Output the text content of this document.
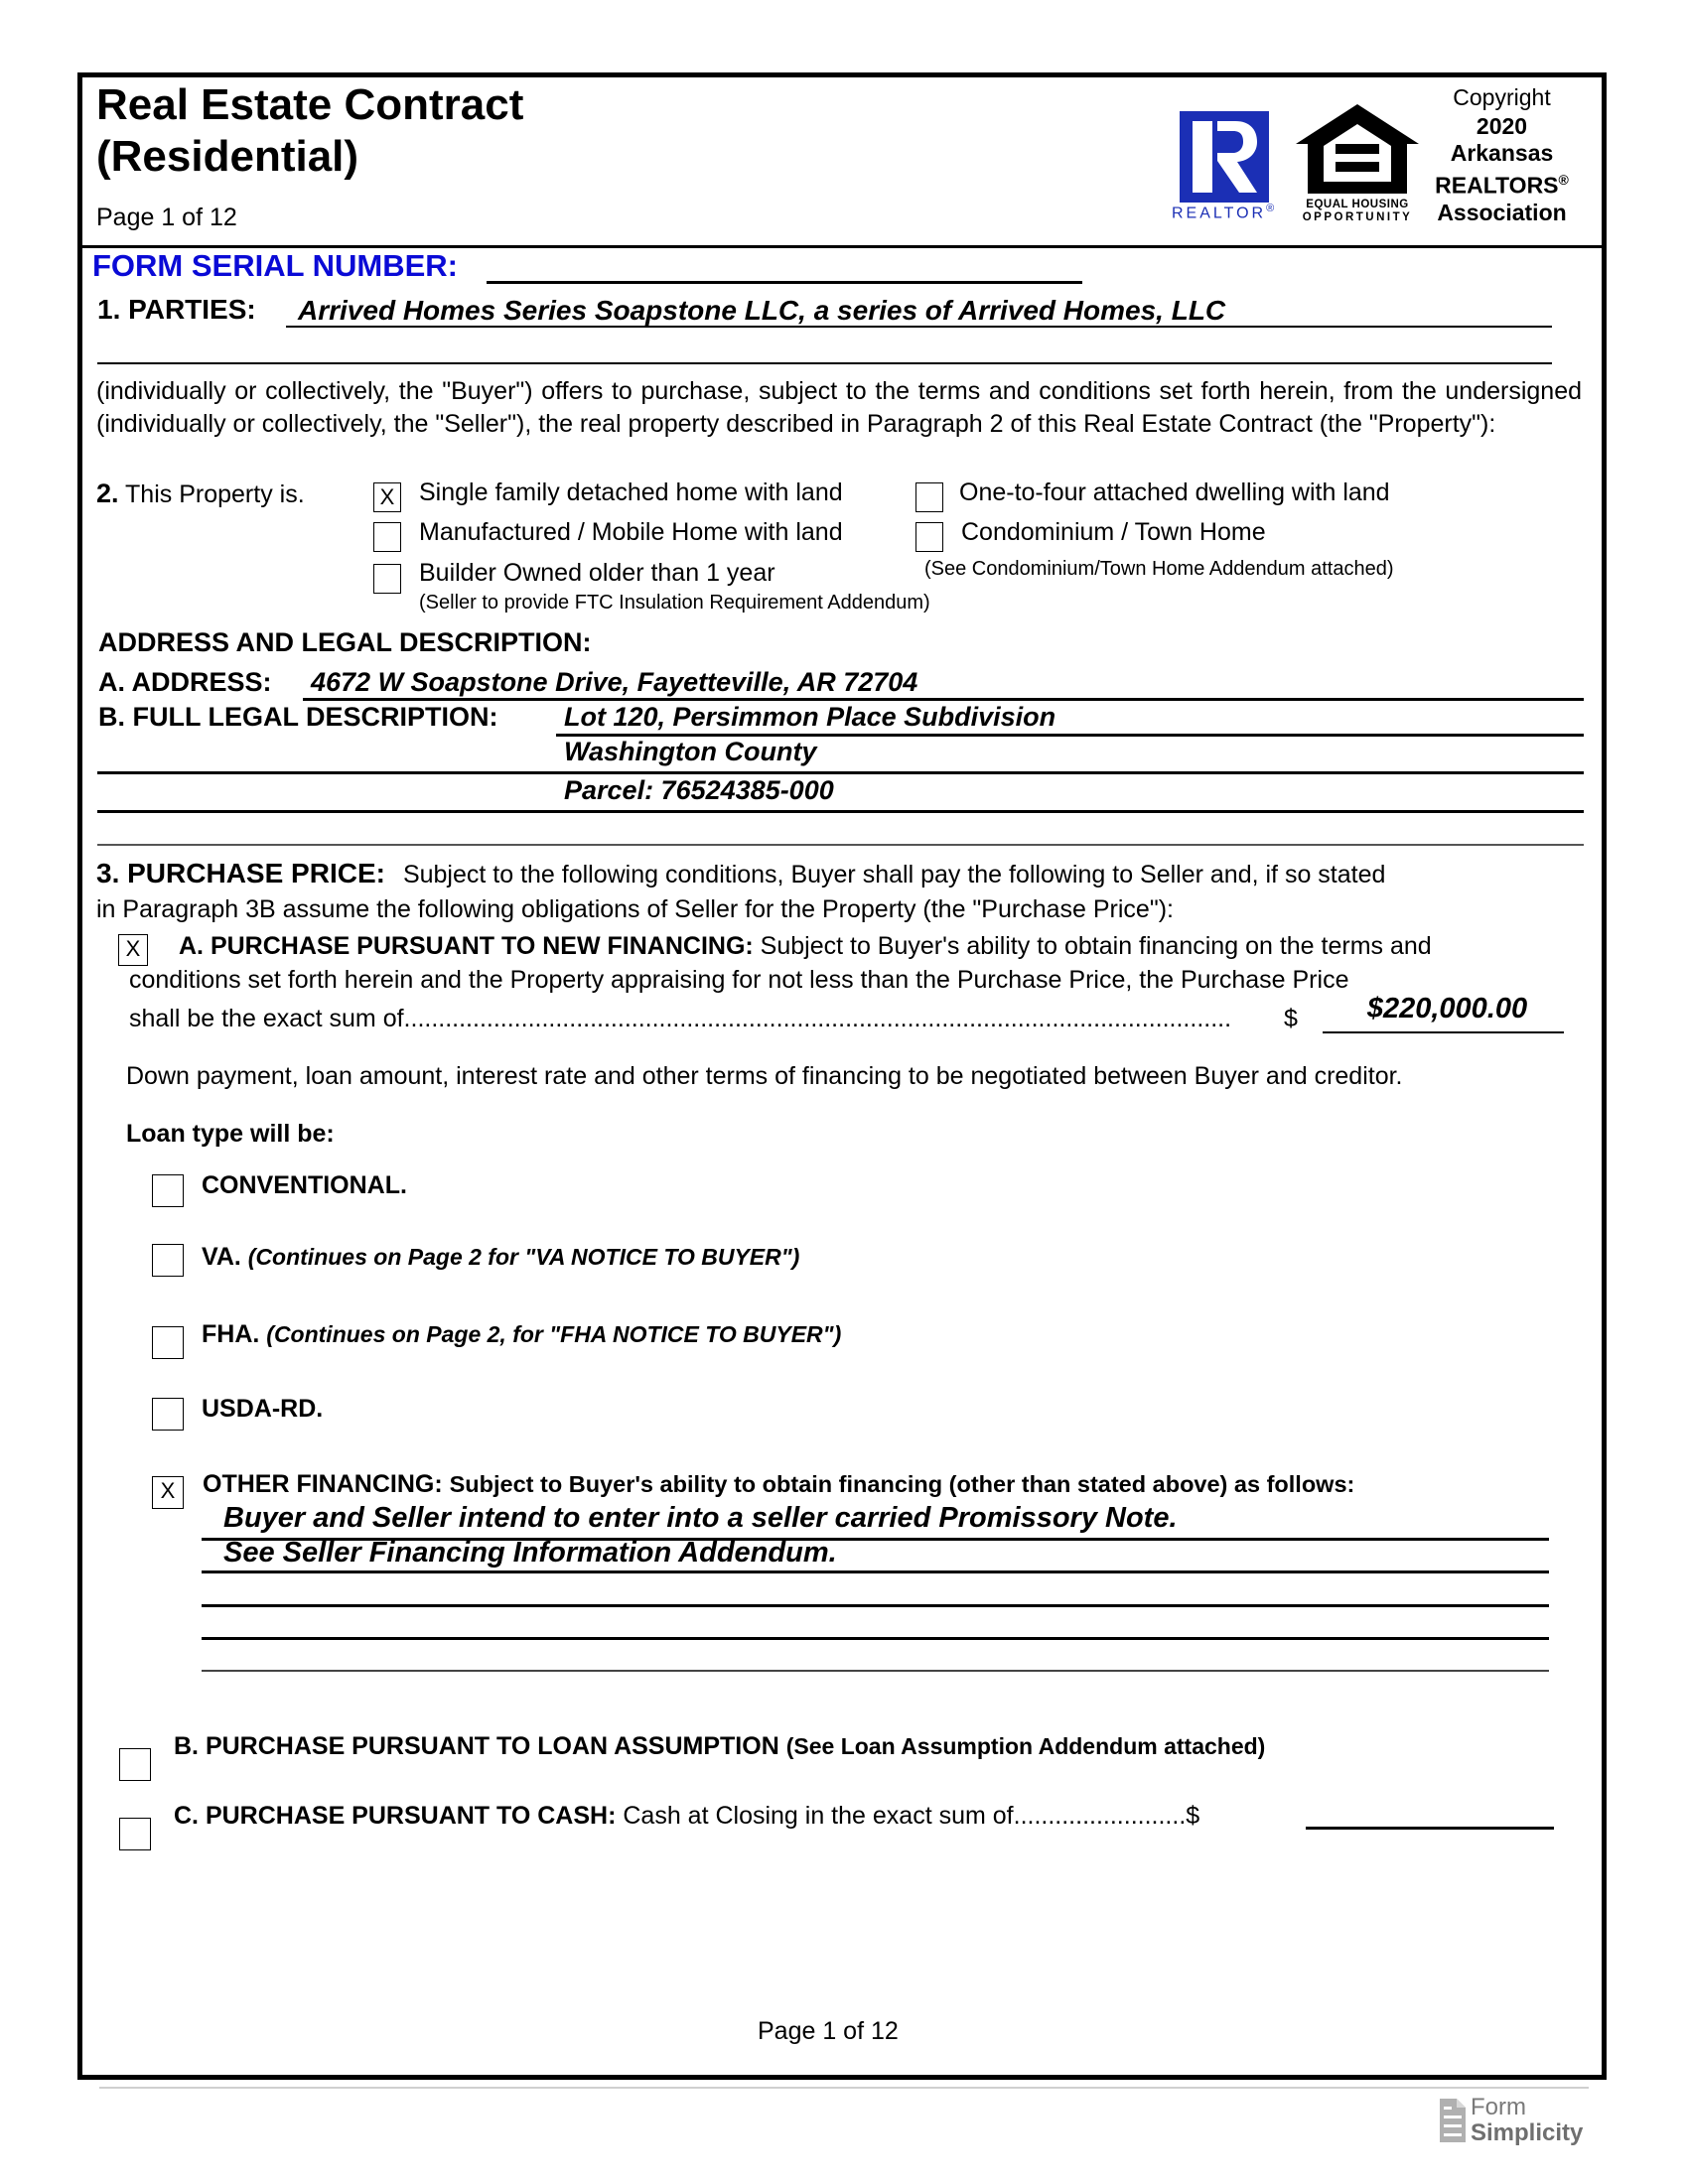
Real Estate Contract
(Residential)
Page 1 of 12	REALTOR®	EQUAL HOUSING
OPPORTUNITY
Copyright
2020
Arkansas
REALTORS®
Association
FORM SERIAL NUMBER:
1. PARTIES: Arrived Homes Series Soapstone LLC, a series of Arrived Homes, LLC
(individually or collectively, the "Buyer") offers to purchase, subject to the terms and conditions set forth herein, from the undersigned (individually or collectively, the "Seller"), the real property described in Paragraph 2 of this Real Estate Contract (the "Property"):
2. This Property is.	X Single family detached home with land	One-to-four attached dwelling with land
Manufactured / Mobile Home with land	Condominium / Town Home
Builder Owned older than 1 year	(See Condominium/Town Home Addendum attached)
(Seller to provide FTC Insulation Requirement Addendum)
ADDRESS AND LEGAL DESCRIPTION:
A. ADDRESS: 4672 W Soapstone Drive, Fayetteville, AR 72704
B. FULL LEGAL DESCRIPTION: Lot 120, Persimmon Place Subdivision
Washington County
Parcel: 76524385-000
3. PURCHASE PRICE: Subject to the following conditions, Buyer shall pay the following to Seller and, if so stated
in Paragraph 3B assume the following obligations of Seller for the Property (the "Purchase Price"):
X	A. PURCHASE PURSUANT TO NEW FINANCING: Subject to Buyer's ability to obtain financing on the terms and
conditions set forth herein and the Property appraising for not less than the Purchase Price, the Purchase Price
shall be the exact sum of........................................................................................................................	$	$220,000.00
Down payment, loan amount, interest rate and other terms of financing to be negotiated between Buyer and creditor.
Loan type will be:
CONVENTIONAL.
VA. (Continues on Page 2 for "VA NOTICE TO BUYER")
FHA. (Continues on Page 2, for "FHA NOTICE TO BUYER")
USDA-RD.
X	OTHER FINANCING: Subject to Buyer's ability to obtain financing (other than stated above) as follows:
Buyer and Seller intend to enter into a seller carried Promissory Note.
See Seller Financing Information Addendum.
B. PURCHASE PURSUANT TO LOAN ASSUMPTION (See Loan Assumption Addendum attached)
C. PURCHASE PURSUANT TO CASH: Cash at Closing in the exact sum of.........................$
Page 1 of 12
Form
Simplicity
